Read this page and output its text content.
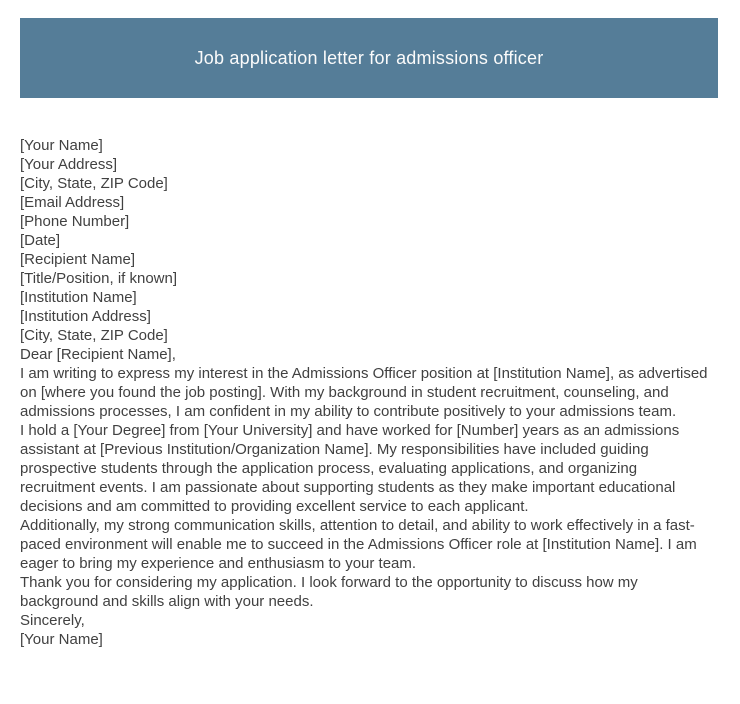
Job application letter for admissions officer
[Your Name]
[Your Address]
[City, State, ZIP Code]
[Email Address]
[Phone Number]
[Date]
[Recipient Name]
[Title/Position, if known]
[Institution Name]
[Institution Address]
[City, State, ZIP Code]
Dear [Recipient Name],

I am writing to express my interest in the Admissions Officer position at [Institution Name], as advertised on [where you found the job posting]. With my background in student recruitment, counseling, and admissions processes, I am confident in my ability to contribute positively to your admissions team.

I hold a [Your Degree] from [Your University] and have worked for [Number] years as an admissions assistant at [Previous Institution/Organization Name]. My responsibilities have included guiding prospective students through the application process, evaluating applications, and organizing recruitment events. I am passionate about supporting students as they make important educational decisions and am committed to providing excellent service to each applicant.

Additionally, my strong communication skills, attention to detail, and ability to work effectively in a fast-paced environment will enable me to succeed in the Admissions Officer role at [Institution Name]. I am eager to bring my experience and enthusiasm to your team.

Thank you for considering my application. I look forward to the opportunity to discuss how my background and skills align with your needs.

Sincerely,
[Your Name]
